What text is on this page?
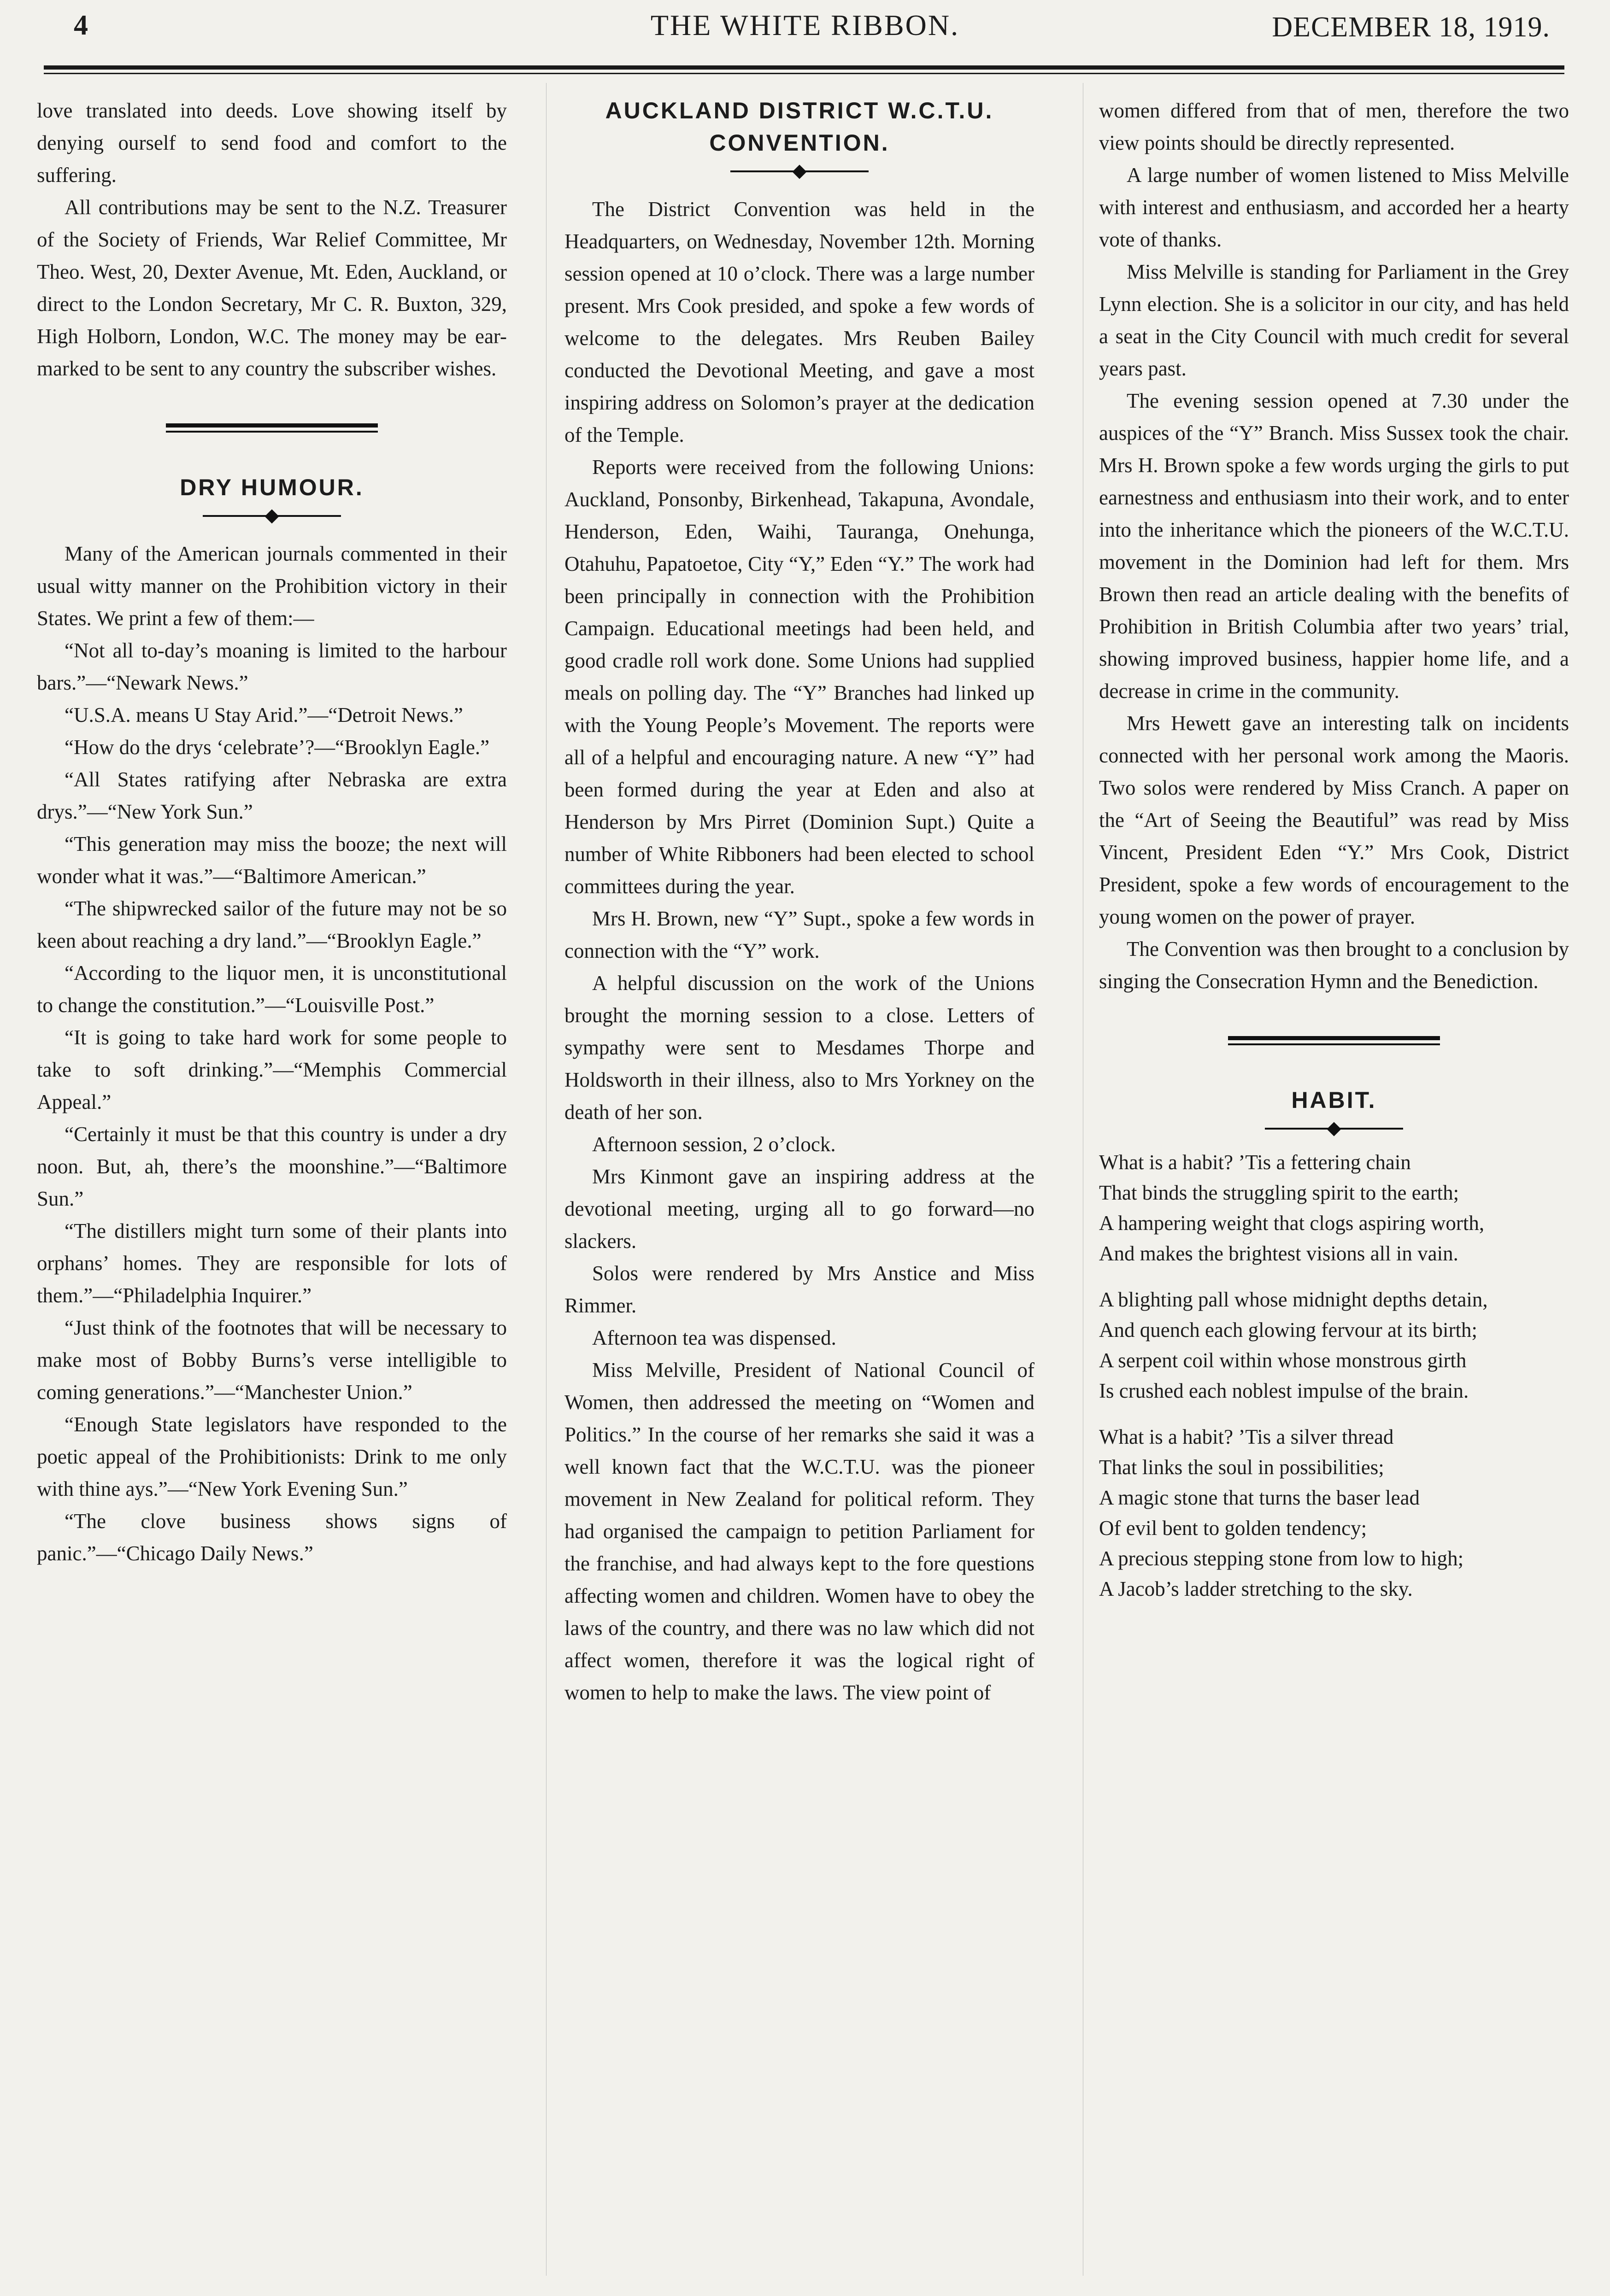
4	THE WHITE RIBBON.	DECEMBER 18, 1919.

love translated into deeds. Love showing itself by denying ourself to send food and comfort to the suffering.

All contributions may be sent to the N.Z. Treasurer of the Society of Friends, War Relief Committee, Mr Theo. West, 20, Dexter Avenue, Mt. Eden, Auckland, or direct to the London Secretary, Mr C. R. Buxton, 329, High Holborn, London, W.C. The money may be ear-marked to be sent to any country the subscriber wishes.

DRY HUMOUR.

Many of the American journals commented in their usual witty manner on the Prohibition victory in their States. We print a few of them:—

“Not all to-day’s moaning is limited to the harbour bars.”—“Newark News.”

“U.S.A. means U Stay Arid.”—“Detroit News.”

“How do the drys ‘celebrate’?—“Brooklyn Eagle.”

“All States ratifying after Nebraska are extra drys.”—“New York Sun.”

“This generation may miss the booze; the next will wonder what it was.”—“Baltimore American.”

“The shipwrecked sailor of the future may not be so keen about reaching a dry land.”—“Brooklyn Eagle.”

“According to the liquor men, it is unconstitutional to change the constitution.”—“Louisville Post.”

“It is going to take hard work for some people to take to soft drinking.”—“Memphis Commercial Appeal.”

“Certainly it must be that this country is under a dry noon. But, ah, there’s the moonshine.”—“Baltimore Sun.”

“The distillers might turn some of their plants into orphans’ homes. They are responsible for lots of them.”—“Philadelphia Inquirer.”

“Just think of the footnotes that will be necessary to make most of Bobby Burns’s verse intelligible to coming generations.”—“Manchester Union.”

“Enough State legislators have responded to the poetic appeal of the Prohibitionists: Drink to me only with thine ays.”—“New York Evening Sun.”

“The clove business shows signs of panic.”—“Chicago Daily News.”

AUCKLAND DISTRICT W.C.T.U.
CONVENTION.

The District Convention was held in the Headquarters, on Wednesday, November 12th. Morning session opened at 10 o’clock. There was a large number present. Mrs Cook presided, and spoke a few words of welcome to the delegates. Mrs Reuben Bailey conducted the Devotional Meeting, and gave a most inspiring address on Solomon’s prayer at the dedication of the Temple.

Reports were received from the following Unions: Auckland, Ponsonby, Birkenhead, Takapuna, Avondale, Henderson, Eden, Waihi, Tauranga, Onehunga, Otahuhu, Papatoetoe, City “Y,” Eden “Y.” The work had been principally in connection with the Prohibition Campaign. Educational meetings had been held, and good cradle roll work done. Some Unions had supplied meals on polling day. The “Y” Branches had linked up with the Young People’s Movement. The reports were all of a helpful and encouraging nature. A new “Y” had been formed during the year at Eden and also at Henderson by Mrs Pirret (Dominion Supt.) Quite a number of White Ribboners had been elected to school committees during the year.

Mrs H. Brown, new “Y” Supt., spoke a few words in connection with the “Y” work.

A helpful discussion on the work of the Unions brought the morning session to a close. Letters of sympathy were sent to Mesdames Thorpe and Holdsworth in their illness, also to Mrs Yorkney on the death of her son.

Afternoon session, 2 o’clock.

Mrs Kinmont gave an inspiring address at the devotional meeting, urging all to go forward—no slackers.

Solos were rendered by Mrs Anstice and Miss Rimmer.

Afternoon tea was dispensed.

Miss Melville, President of National Council of Women, then addressed the meeting on “Women and Politics.” In the course of her remarks she said it was a well known fact that the W.C.T.U. was the pioneer movement in New Zealand for political reform. They had organised the campaign to petition Parliament for the franchise, and had always kept to the fore questions affecting women and children. Women have to obey the laws of the country, and there was no law which did not affect women, therefore it was the logical right of women to help to make the laws. The view point of

women differed from that of men, therefore the two view points should be directly represented.

A large number of women listened to Miss Melville with interest and enthusiasm, and accorded her a hearty vote of thanks.

Miss Melville is standing for Parliament in the Grey Lynn election. She is a solicitor in our city, and has held a seat in the City Council with much credit for several years past.

The evening session opened at 7.30 under the auspices of the “Y” Branch. Miss Sussex took the chair. Mrs H. Brown spoke a few words urging the girls to put earnestness and enthusiasm into their work, and to enter into the inheritance which the pioneers of the W.C.T.U. movement in the Dominion had left for them. Mrs Brown then read an article dealing with the benefits of Prohibition in British Columbia after two years’ trial, showing improved business, happier home life, and a decrease in crime in the community.

Mrs Hewett gave an interesting talk on incidents connected with her personal work among the Maoris. Two solos were rendered by Miss Cranch. A paper on the “Art of Seeing the Beautiful” was read by Miss Vincent, President Eden “Y.” Mrs Cook, District President, spoke a few words of encouragement to the young women on the power of prayer.

The Convention was then brought to a conclusion by singing the Consecration Hymn and the Benediction.

HABIT.
What is a habit? ’Tis a fettering chain
That binds the struggling spirit to the earth;
A hampering weight that clogs aspiring worth,
And makes the brightest visions all in vain.
A blighting pall whose midnight depths detain,
And quench each glowing fervour at its birth;
A serpent coil within whose monstrous girth
Is crushed each noblest impulse of the brain.
What is a habit? ’Tis a silver thread
That links the soul in possibilities;
A magic stone that turns the baser lead
Of evil bent to golden tendency;
A precious stepping stone from low to high;
A Jacob’s ladder stretching to the sky.
